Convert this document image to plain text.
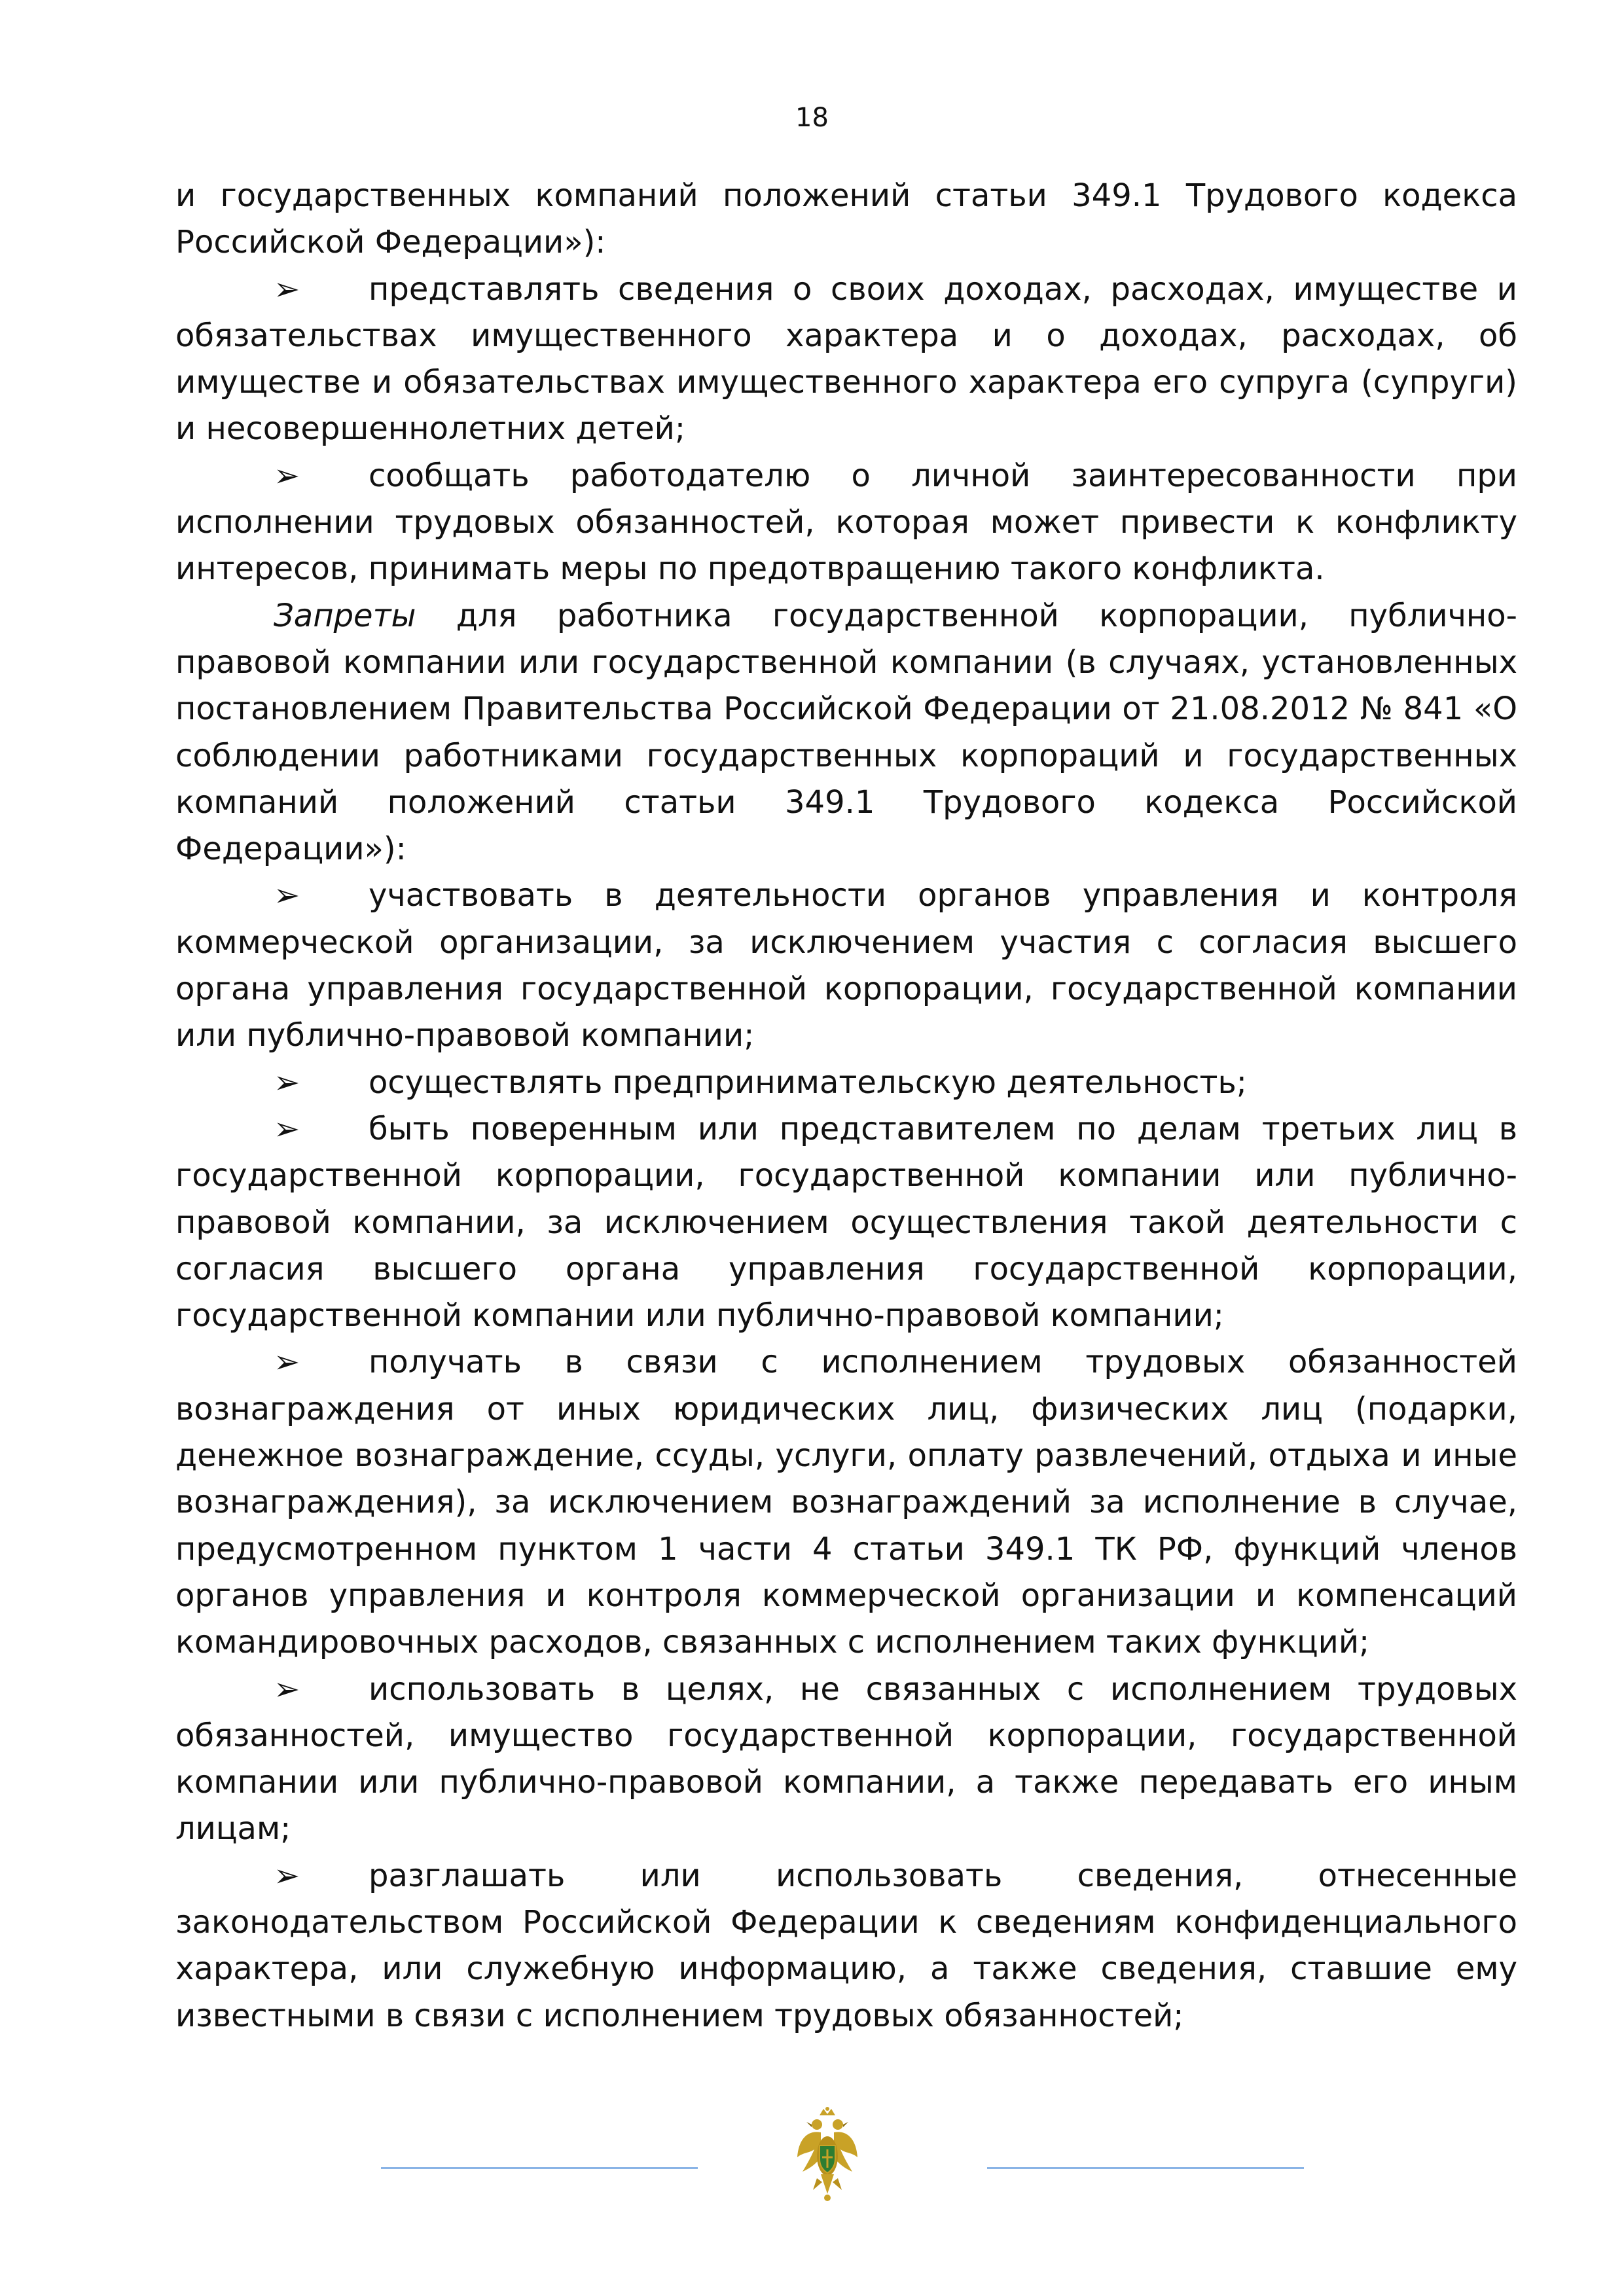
18

и государственных компаний положений статьи 349.1 Трудового кодекса Российской Федерации»):

➢ представлять сведения о своих доходах, расходах, имуществе и обязательствах имущественного характера и о доходах, расходах, об имуществе и обязательствах имущественного характера его супруга (супруги) и несовершеннолетних детей;

➢ сообщать работодателю о личной заинтересованности при исполнении трудовых обязанностей, которая может привести к конфликту интересов, принимать меры по предотвращению такого конфликта.

Запреты для работника государственной корпорации, публично-правовой компании или государственной компании (в случаях, установленных постановлением Правительства Российской Федерации от 21.08.2012 № 841 «О соблюдении работниками государственных корпораций и государственных компаний положений статьи 349.1 Трудового кодекса Российской Федерации»):

➢ участвовать в деятельности органов управления и контроля коммерческой организации, за исключением участия с согласия высшего органа управления государственной корпорации, государственной компании или публично-правовой компании;

➢ осуществлять предпринимательскую деятельность;

➢ быть поверенным или представителем по делам третьих лиц в государственной корпорации, государственной компании или публично-правовой компании, за исключением осуществления такой деятельности с согласия высшего органа управления государственной корпорации, государственной компании или публично-правовой компании;

➢ получать в связи с исполнением трудовых обязанностей вознаграждения от иных юридических лиц, физических лиц (подарки, денежное вознаграждение, ссуды, услуги, оплату развлечений, отдыха и иные вознаграждения), за исключением вознаграждений за исполнение в случае, предусмотренном пунктом 1 части 4 статьи 349.1 ТК РФ, функций членов органов управления и контроля коммерческой организации и компенсаций командировочных расходов, связанных с исполнением таких функций;

➢ использовать в целях, не связанных с исполнением трудовых обязанностей, имущество государственной корпорации, государственной компании или публично-правовой компании, а также передавать его иным лицам;

➢ разглашать или использовать сведения, отнесенные законодательством Российской Федерации к сведениям конфиденциального характера, или служебную информацию, а также сведения, ставшие ему известными в связи с исполнением трудовых обязанностей;
